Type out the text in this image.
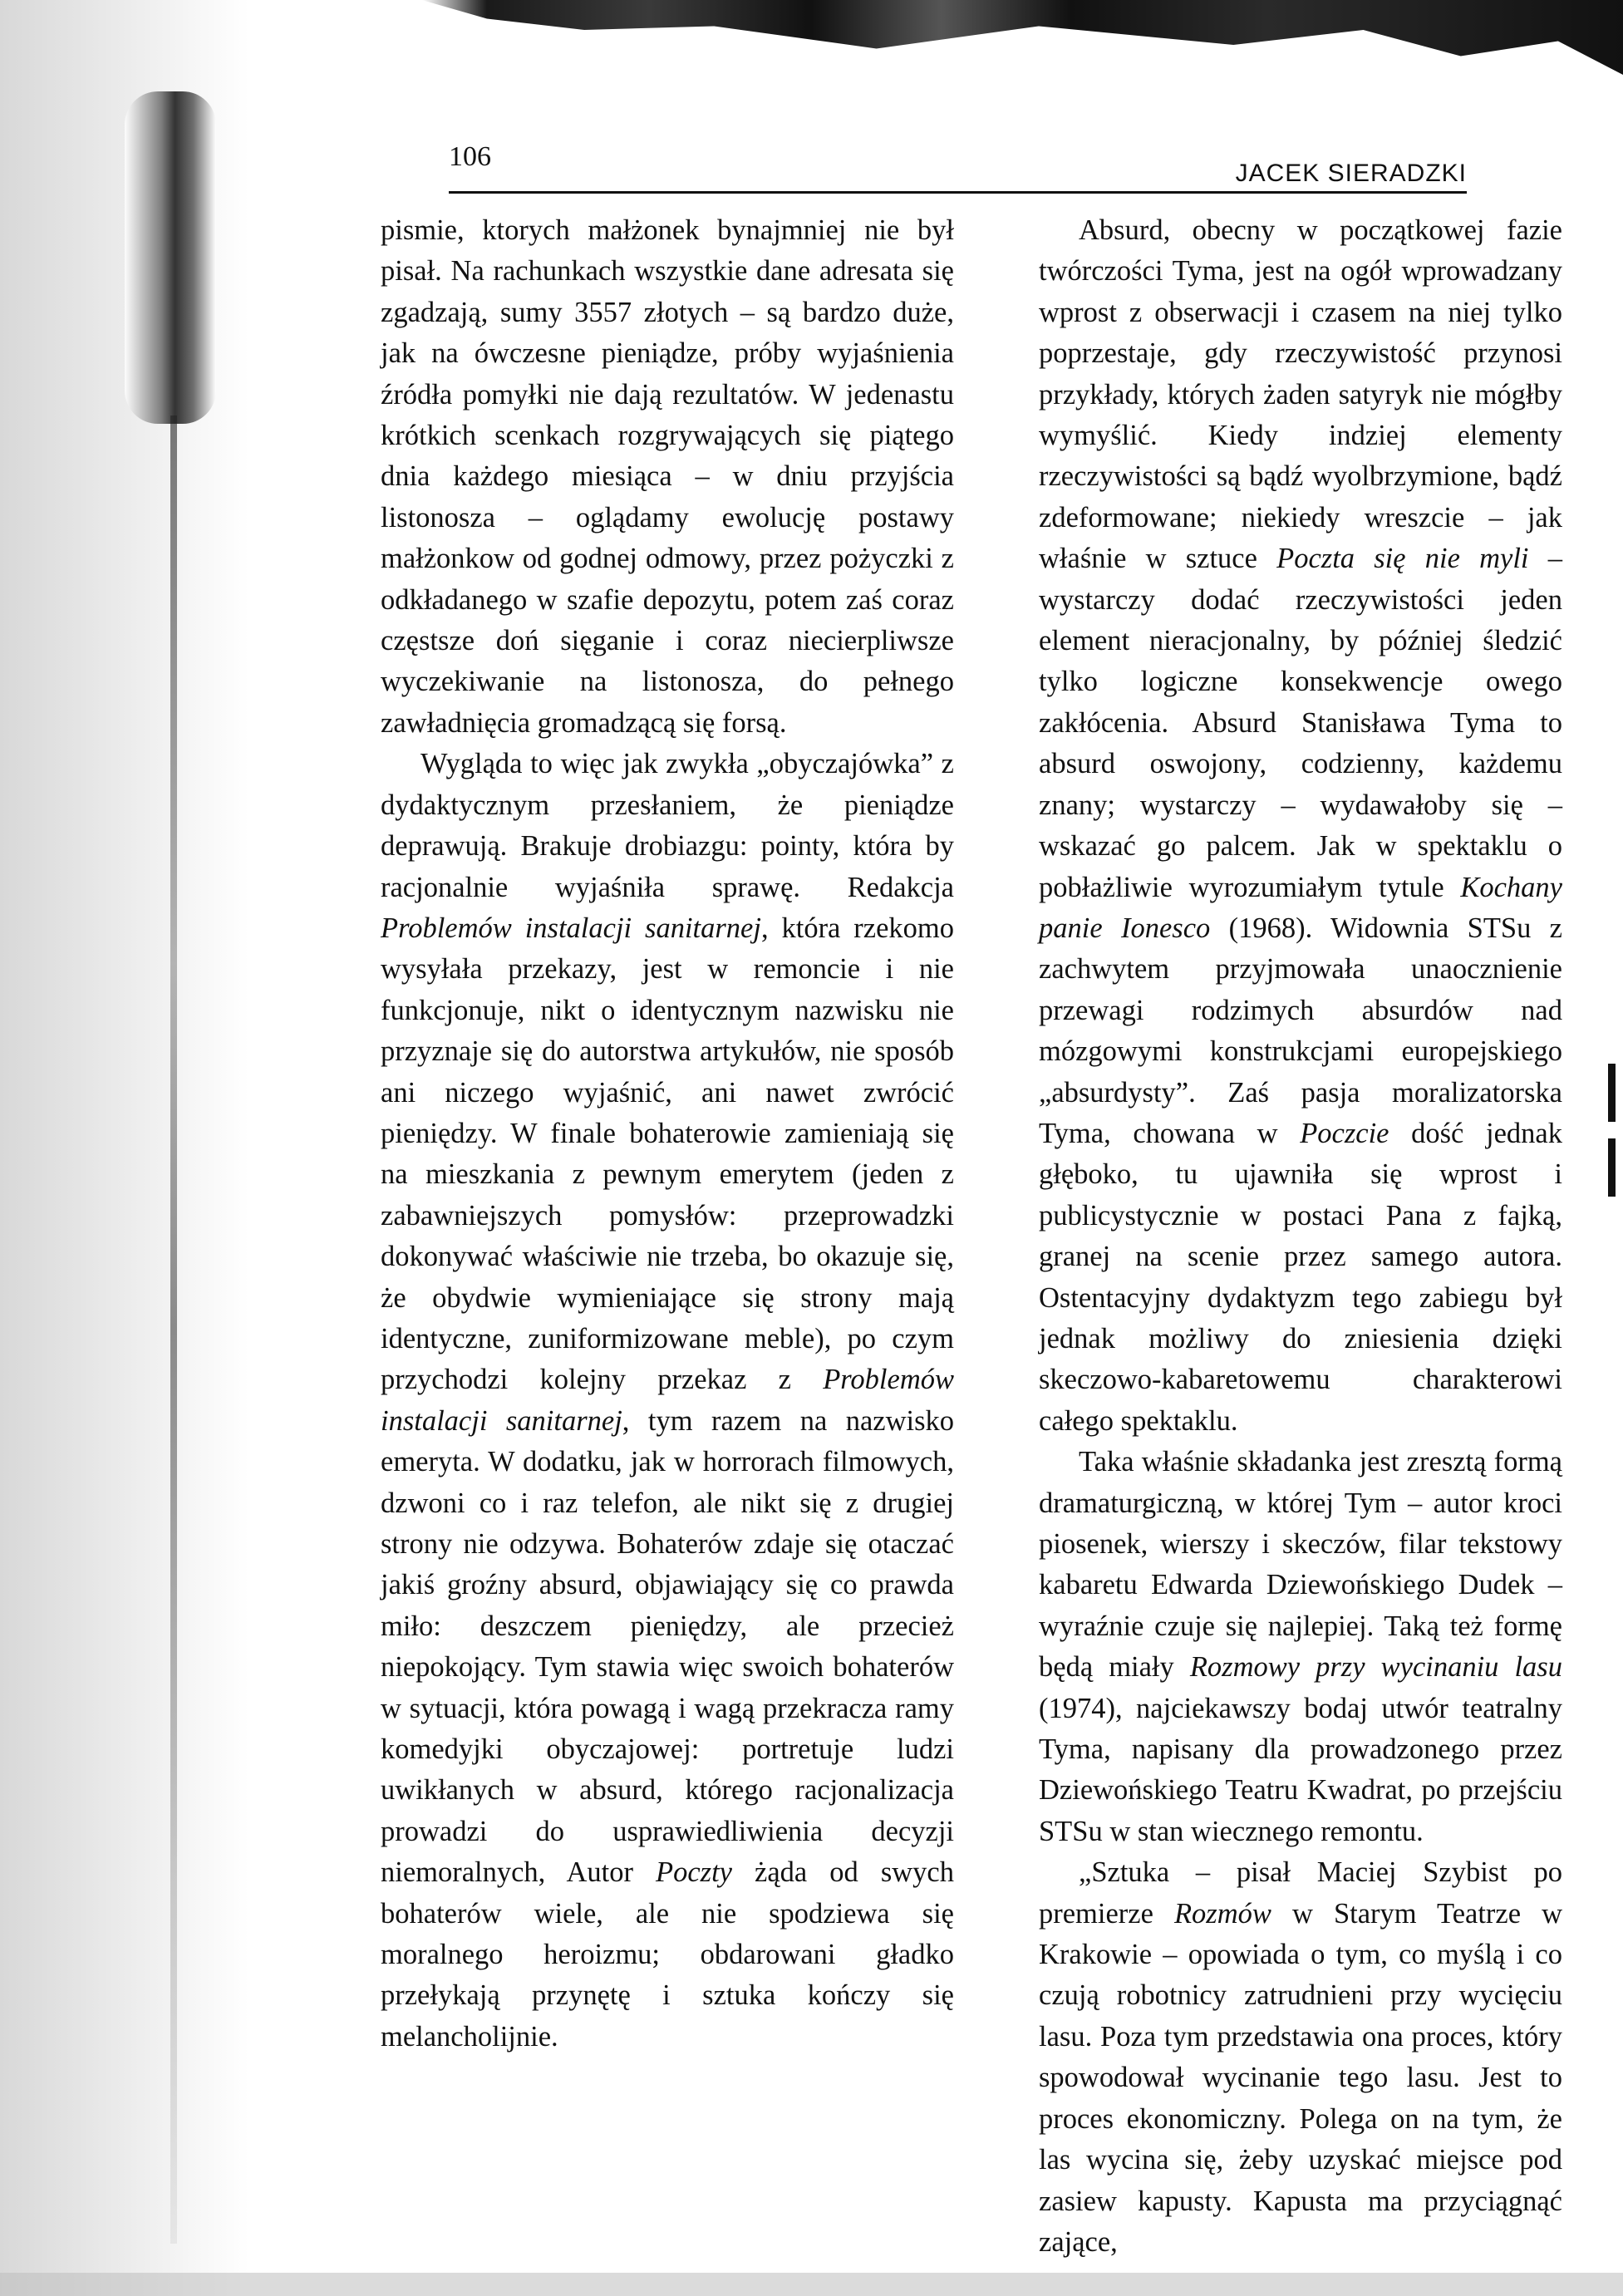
106
JACEK SIERADZKI

pismie, ktorych małżonek bynajmniej nie był pisał. Na rachunkach wszystkie dane adresata się zgadzają, sumy 3557 złotych – są bardzo duże, jak na ówczesne pieniądze, próby wyjaśnienia źródła pomyłki nie dają rezultatów. W jedenastu krótkich scenkach rozgrywających się piątego dnia każdego miesiąca – w dniu przyjścia listonosza – oglądamy ewolucję postawy małżonkow od godnej odmowy, przez pożyczki z odkładanego w szafie depozytu, potem zaś coraz częstsze doń sięganie i coraz niecierpliwsze wyczekiwanie na listonosza, do pełnego zawładnięcia gromadzącą się forsą.

Wygląda to więc jak zwykła „obyczajówka” z dydaktycznym przesłaniem, że pieniądze deprawują. Brakuje drobiazgu: pointy, która by racjonalnie wyjaśniła sprawę. Redakcja Problemów instalacji sanitarnej, która rzekomo wysyłała przekazy, jest w remoncie i nie funkcjonuje, nikt o identycznym nazwisku nie przyznaje się do autorstwa artykułów, nie sposób ani niczego wyjaśnić, ani nawet zwrócić pieniędzy. W finale bohaterowie zamieniają się na mieszkania z pewnym emerytem (jeden z zabawniejszych pomysłów: przeprowadzki dokonywać właściwie nie trzeba, bo okazuje się, że obydwie wymieniające się strony mają identyczne, zuniformizowane meble), po czym przychodzi kolejny przekaz z Problemów instalacji sanitarnej, tym razem na nazwisko emeryta. W dodatku, jak w horrorach filmowych, dzwoni co i raz telefon, ale nikt się z drugiej strony nie odzywa. Bohaterów zdaje się otaczać jakiś groźny absurd, objawiający się co prawda miło: deszczem pieniędzy, ale przecież niepokojący. Tym stawia więc swoich bohaterów w sytuacji, która powagą i wagą przekracza ramy komedyjki obyczajowej: portretuje ludzi uwikłanych w absurd, którego racjonalizacja prowadzi do usprawiedliwienia decyzji niemoralnych, Autor Poczty żąda od swych bohaterów wiele, ale nie spodziewa się moralnego heroizmu; obdarowani gładko przełykają przynętę i sztuka kończy się melancholijnie.

Absurd, obecny w początkowej fazie twórczości Tyma, jest na ogół wprowadzany wprost z obserwacji i czasem na niej tylko poprzestaje, gdy rzeczywistość przynosi przykłady, których żaden satyryk nie mógłby wymyślić. Kiedy indziej elementy rzeczywistości są bądź wyolbrzymione, bądź zdeformowane; niekiedy wreszcie – jak właśnie w sztuce Poczta się nie myli – wystarczy dodać rzeczywistości jeden element nieracjonalny, by później śledzić tylko logiczne konsekwencje owego zakłócenia. Absurd Stanisława Tyma to absurd oswojony, codzienny, każdemu znany; wystarczy – wydawałoby się – wskazać go palcem. Jak w spektaklu o pobłażliwie wyrozumiałym tytule Kochany panie Ionesco (1968). Widownia STSu z zachwytem przyjmowała unaocznienie przewagi rodzimych absurdów nad mózgowymi konstrukcjami europejskiego „absurdysty”. Zaś pasja moralizatorska Tyma, chowana w Poczcie dość jednak głęboko, tu ujawniła się wprost i publicystycznie w postaci Pana z fajką, granej na scenie przez samego autora. Ostentacyjny dydaktyzm tego zabiegu był jednak możliwy do zniesienia dzięki skeczowo-kabaretowemu charakterowi całego spektaklu.

Taka właśnie składanka jest zresztą formą dramaturgiczną, w której Tym – autor kroci piosenek, wierszy i skeczów, filar tekstowy kabaretu Edwarda Dziewońskiego Dudek – wyraźnie czuje się najlepiej. Taką też formę będą miały Rozmowy przy wycinaniu lasu (1974), najciekawszy bodaj utwór teatralny Tyma, napisany dla prowadzonego przez Dziewońskiego Teatru Kwadrat, po przejściu STSu w stan wiecznego remontu.

„Sztuka – pisał Maciej Szybist po premierze Rozmów w Starym Teatrze w Krakowie – opowiada o tym, co myślą i co czują robotnicy zatrudnieni przy wycięciu lasu. Poza tym przedstawia ona proces, który spowodował wycinanie tego lasu. Jest to proces ekonomiczny. Polega on na tym, że las wycina się, żeby uzyskać miejsce pod zasiew kapusty. Kapusta ma przyciągnąć zające,
